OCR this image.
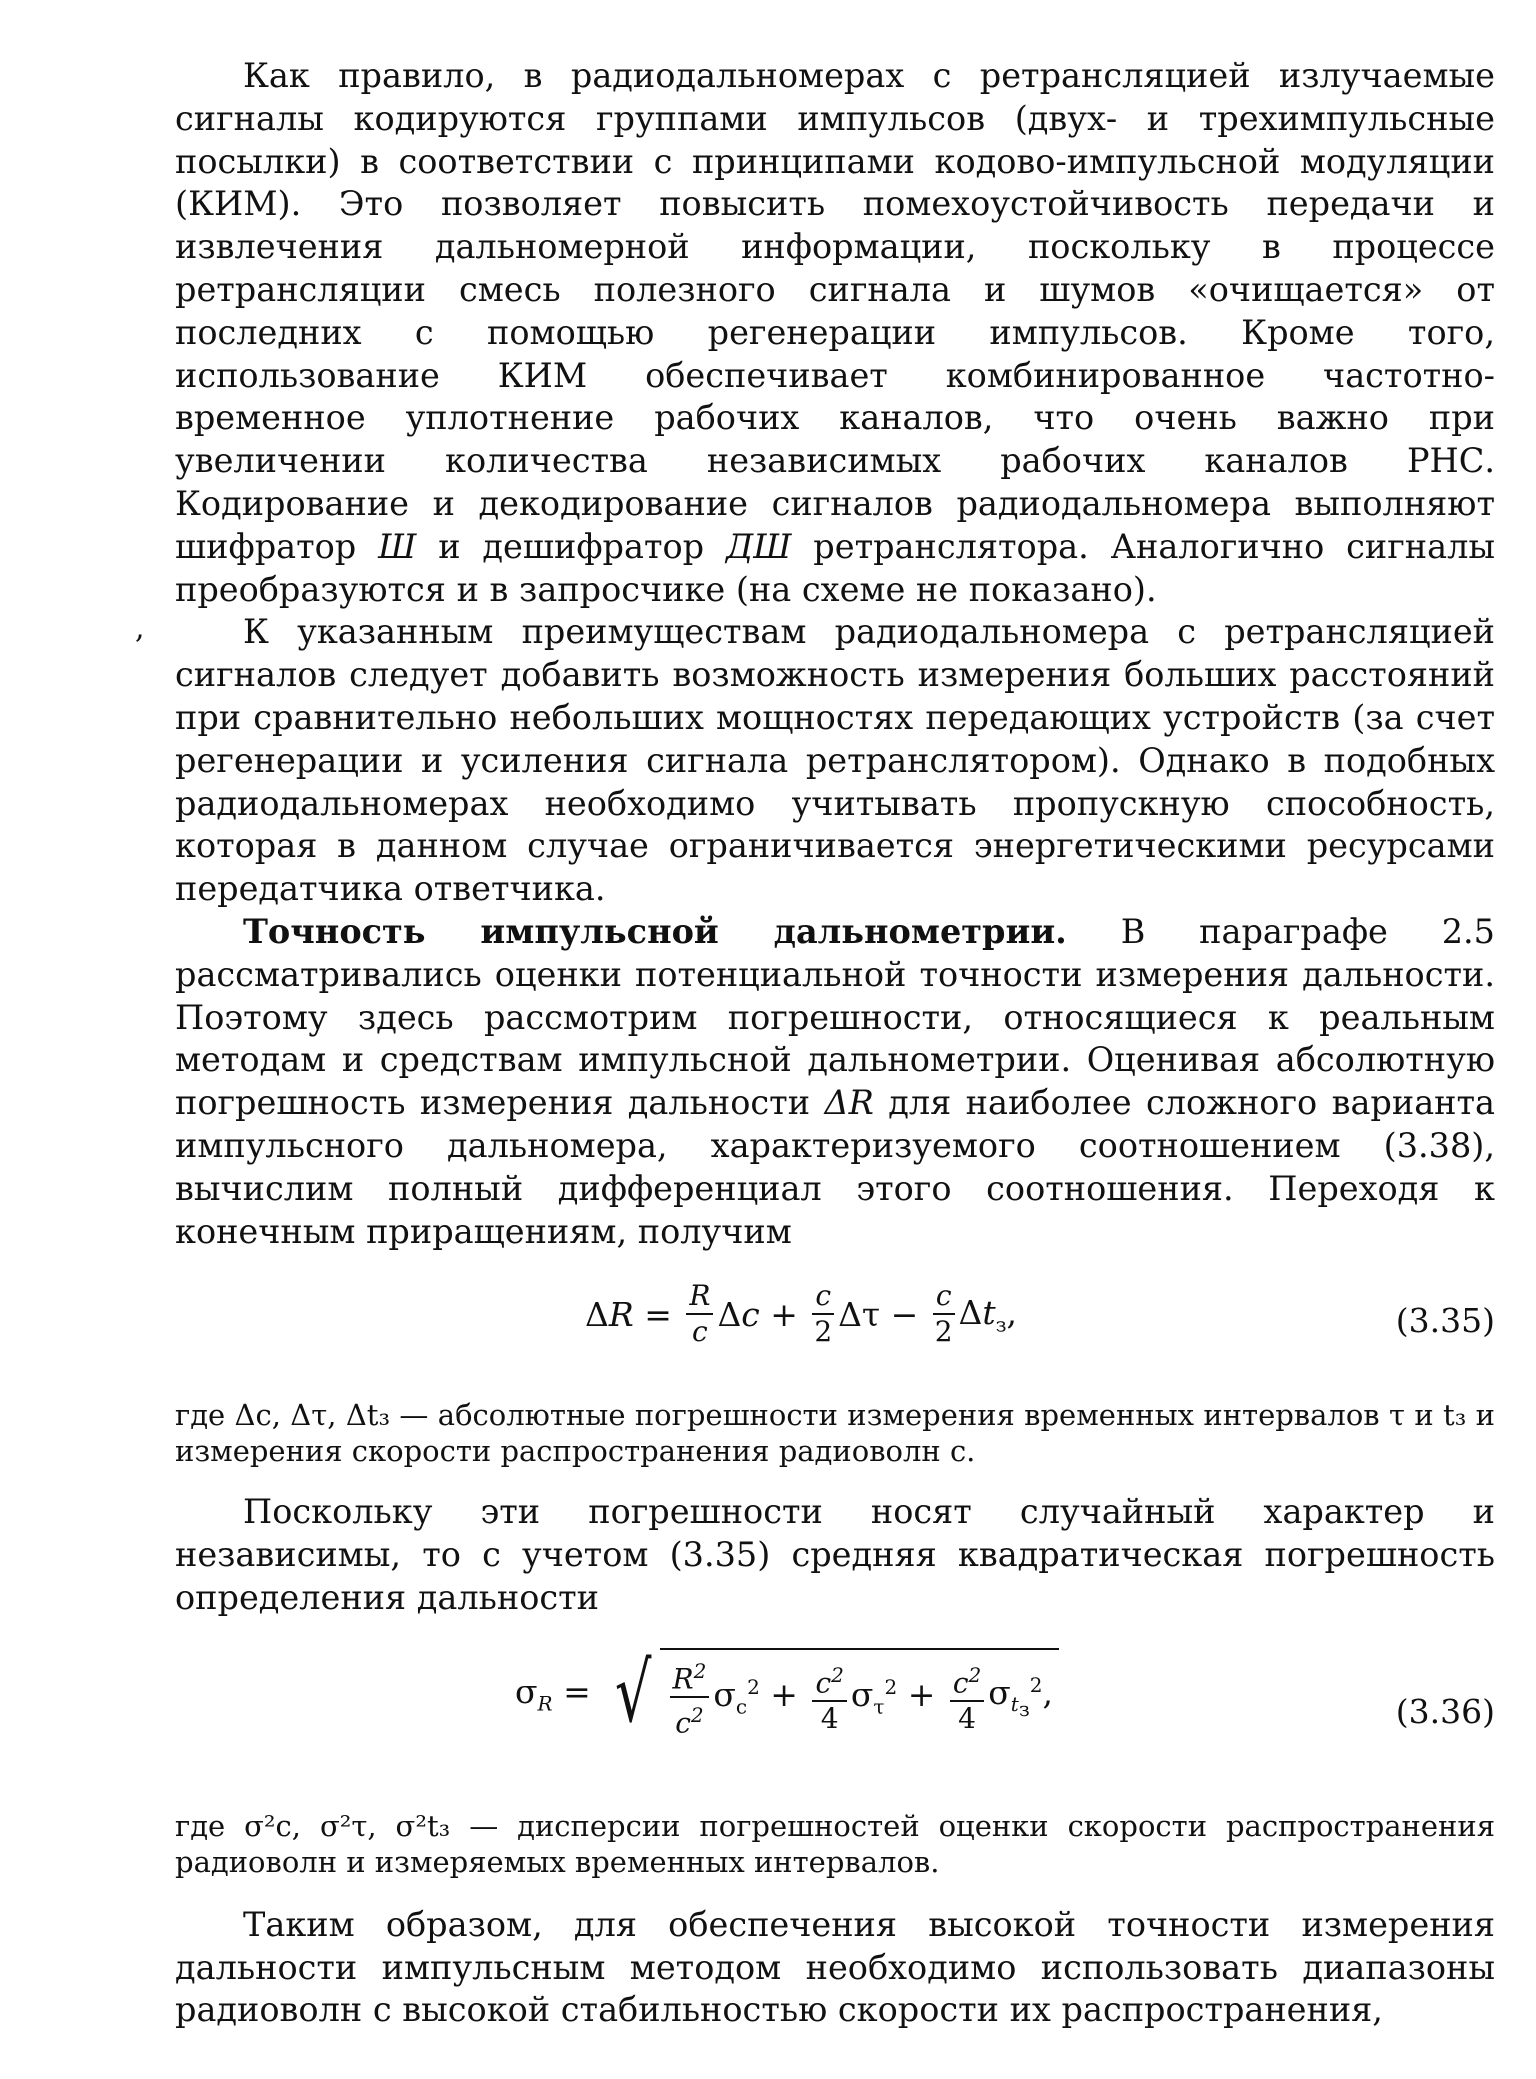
Как правило, в радиодальномерах с ретрансляцией излучаемые сигналы кодируются группами импульсов (двух- и трехимпульсные посылки) в соответствии с принципами кодово-импульсной модуляции (КИМ). Это позволяет повысить помехоустойчивость передачи и извлечения дальномерной информации, поскольку в процессе ретрансляции смесь полезного сигнала и шумов «очищается» от последних с помощью регенерации импульсов. Кроме того, использование КИМ обеспечивает комбинированное частотно-временное уплотнение рабочих каналов, что очень важно при увеличении количества независимых рабочих каналов РНС. Кодирование и декодирование сигналов радиодальномера выполняют шифратор Ш и дешифратор ДШ ретранслятора. Аналогично сигналы преобразуются и в запросчике (на схеме не показано).

,	К указанным преимуществам радиодальномера с ретрансляцией сигналов следует добавить возможность измерения больших расстояний при сравнительно небольших мощностях передающих устройств (за счет регенерации и усиления сигнала ретранслятором). Однако в подобных радиодальномерах необходимо учитывать пропускную способность, которая в данном случае ограничивается энергетическими ресурсами передатчика ответчика.

Точность импульсной дальнометрии. В параграфе 2.5 рассматривались оценки потенциальной точности измерения дальности. Поэтому здесь рассмотрим погрешности, относящиеся к реальным методам и средствам импульсной дальнометрии. Оценивая абсолютную погрешность измерения дальности ΔR для наиболее сложного варианта импульсного дальномера, характеризуемого соотношением (3.38), вычислим полный дифференциал этого соотношения. Переходя к конечным приращениям, получим

$\Delta R = \frac{R}{c}$ $\Delta c + \frac{c}{2}$ $\Delta\tau - \frac{c}{2} \Delta t_з$,	(3.35)

где Δc, Δτ, Δt₃ — абсолютные погрешности измерения временных интервалов τ и t₃ и измерения скорости распространения радиоволн c.

Поскольку эти погрешности носят случайный характер и независимы, то с учетом (3.35) средняя квадратическая погрешность определения дальности

$\sigma_R$ = √ $\frac{R^2}{c^2} \sigma_c^2 + \frac{c^2}{4} \sigma_\tau^2 + \frac{c^2}{4} \sigma_{t_з}^2$,	(3.36)

где σ²c, σ²τ, σ²t₃ — дисперсии погрешностей оценки скорости распространения радиоволн и измеряемых временных интервалов.

Таким образом, для обеспечения высокой точности измерения дальности импульсным методом необходимо использовать диапазоны радиоволн с высокой стабильностью скорости их распространения,
